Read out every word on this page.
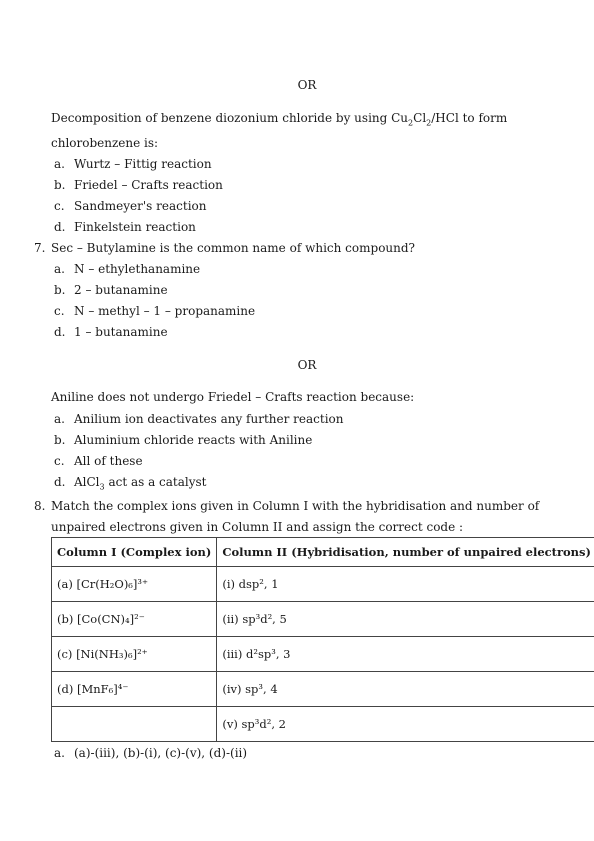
OR
Decomposition of benzene diozonium chloride by using $Cu_2Cl_2$/HCl to form
chlorobenzene is:
a. Wurtz – Fittig reaction
b. Friedel – Crafts reaction
c. Sandmeyer's reaction
d. Finkelstein reaction
7. Sec – Butylamine is the common name of which compound?
a. N – ethylethanamine
b. 2 – butanamine
c. N – methyl – 1 – propanamine
d. 1 – butanamine
OR
Aniline does not undergo Friedel – Crafts reaction because:
a. Anilium ion deactivates any further reaction
b. Aluminium chloride reacts with Aniline
c. All of these
d. AlCl$_3$ act as a catalyst
8. Match the complex ions given in Column I with the hybridisation and number of
unpaired electrons given in Column II and assign the correct code :
Column I (Complex ion)	Column II (Hybridisation, number of unpaired electrons)
(a) [Cr(H₂O)₆]³⁺	(i) dsp², 1
(b) [Co(CN)₄]²⁻	(ii) sp³d², 5
(c) [Ni(NH₃)₆]²⁺	(iii) d²sp³, 3
(d) [MnF₆]⁴⁻	(iv) sp³, 4
	(v) sp³d², 2
a. (a)-(iii), (b)-(i), (c)-(v), (d)-(ii)
